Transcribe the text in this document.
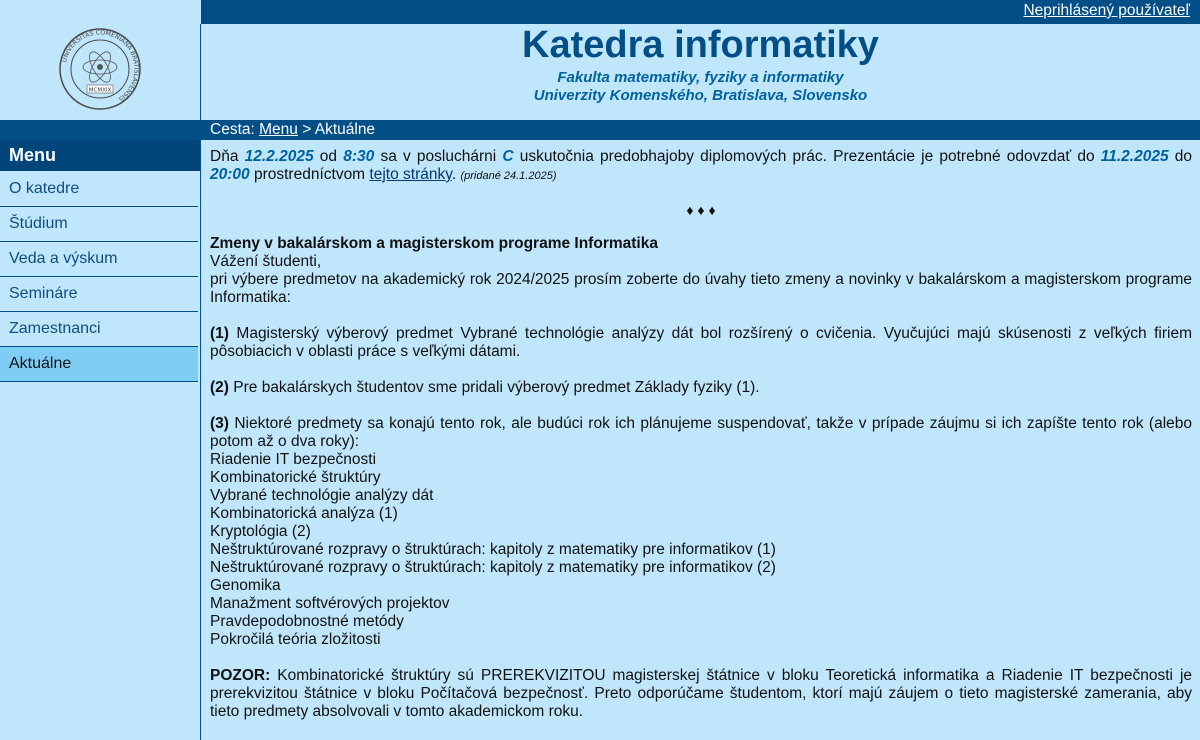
UNIVERSITAS COMENIANA BRATISLAVENSIS
MCMXIX
Menu
O katedre
Štúdium
Veda a výskum
Semináre
Zamestnanci
Aktuálne
Neprihlásený používateľ
Katedra informatiky
Fakulta matematiky, fyziky a informatiky
Univerzity Komenského, Bratislava, Slovensko
Cesta: Menu > Aktuálne

Dňa 12.2.2025 od 8:30 sa v posluchárni C uskutočnia predobhajoby diplomových prác. Prezentácie je potrebné odovzdať do 11.2.2025 do 20:00 prostredníctvom tejto stránky. (pridané 24.1.2025)

♦ ♦ ♦

Zmeny v bakalárskom a magisterskom programe Informatika
Vážení študenti,
pri výbere predmetov na akademický rok 2024/2025 prosím zoberte do úvahy tieto zmeny a novinky v bakalárskom a magisterskom programe Informatika:

(1) Magisterský výberový predmet Vybrané technológie analýzy dát bol rozšírený o cvičenia. Vyučujúci majú skúsenosti z veľkých firiem pôsobiacich v oblasti práce s veľkými dátami.

(2) Pre bakalárskych študentov sme pridali výberový predmet Základy fyziky (1).

(3) Niektoré predmety sa konajú tento rok, ale budúci rok ich plánujeme suspendovať, takže v prípade záujmu si ich zapíšte tento rok (alebo potom až o dva roky):

Riadenie IT bezpečnosti
Kombinatorické štruktúry
Vybrané technológie analýzy dát
Kombinatorická analýza (1)
Kryptológia (2)
Neštruktúrované rozpravy o štruktúrach: kapitoly z matematiky pre informatikov (1)
Neštruktúrované rozpravy o štruktúrach: kapitoly z matematiky pre informatikov (2)
Genomika
Manažment softvérových projektov
Pravdepodobnostné metódy
Pokročilá teória zložitosti

POZOR: Kombinatorické štruktúry sú PREREKVIZITOU magisterskej štátnice v bloku Teoretická informatika a Riadenie IT bezpečnosti je prerekvizitou štátnice v bloku Počítačová bezpečnosť. Preto odporúčame študentom, ktorí majú záujem o tieto magisterské zamerania, aby tieto predmety absolvovali v tomto akademickom roku.
